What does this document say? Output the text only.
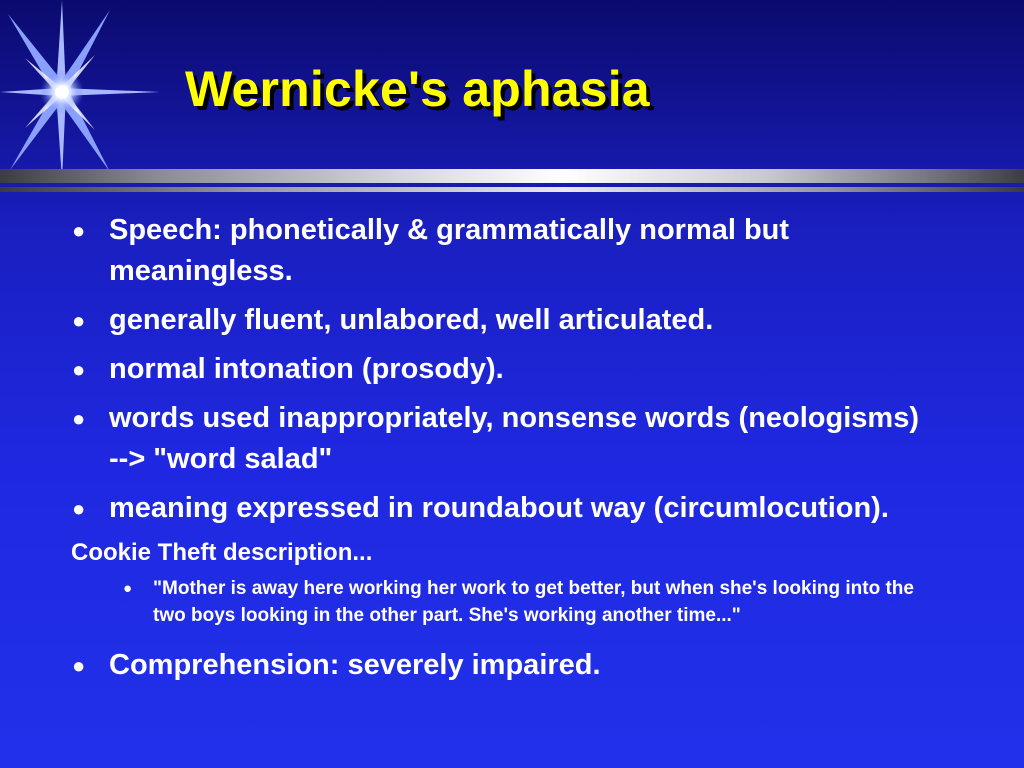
Wernicke's aphasia
● Speech: phonetically & grammatically normal but meaningless.
● generally fluent, unlabored, well articulated.
● normal intonation (prosody).
● words used inappropriately, nonsense words (neologisms) --> "word salad"
● meaning expressed in roundabout way (circumlocution).
Cookie Theft description...
● "Mother is away here working her work to get better, but when she's looking into the two boys looking in the other part. She's working another time..."
● Comprehension: severely impaired.
